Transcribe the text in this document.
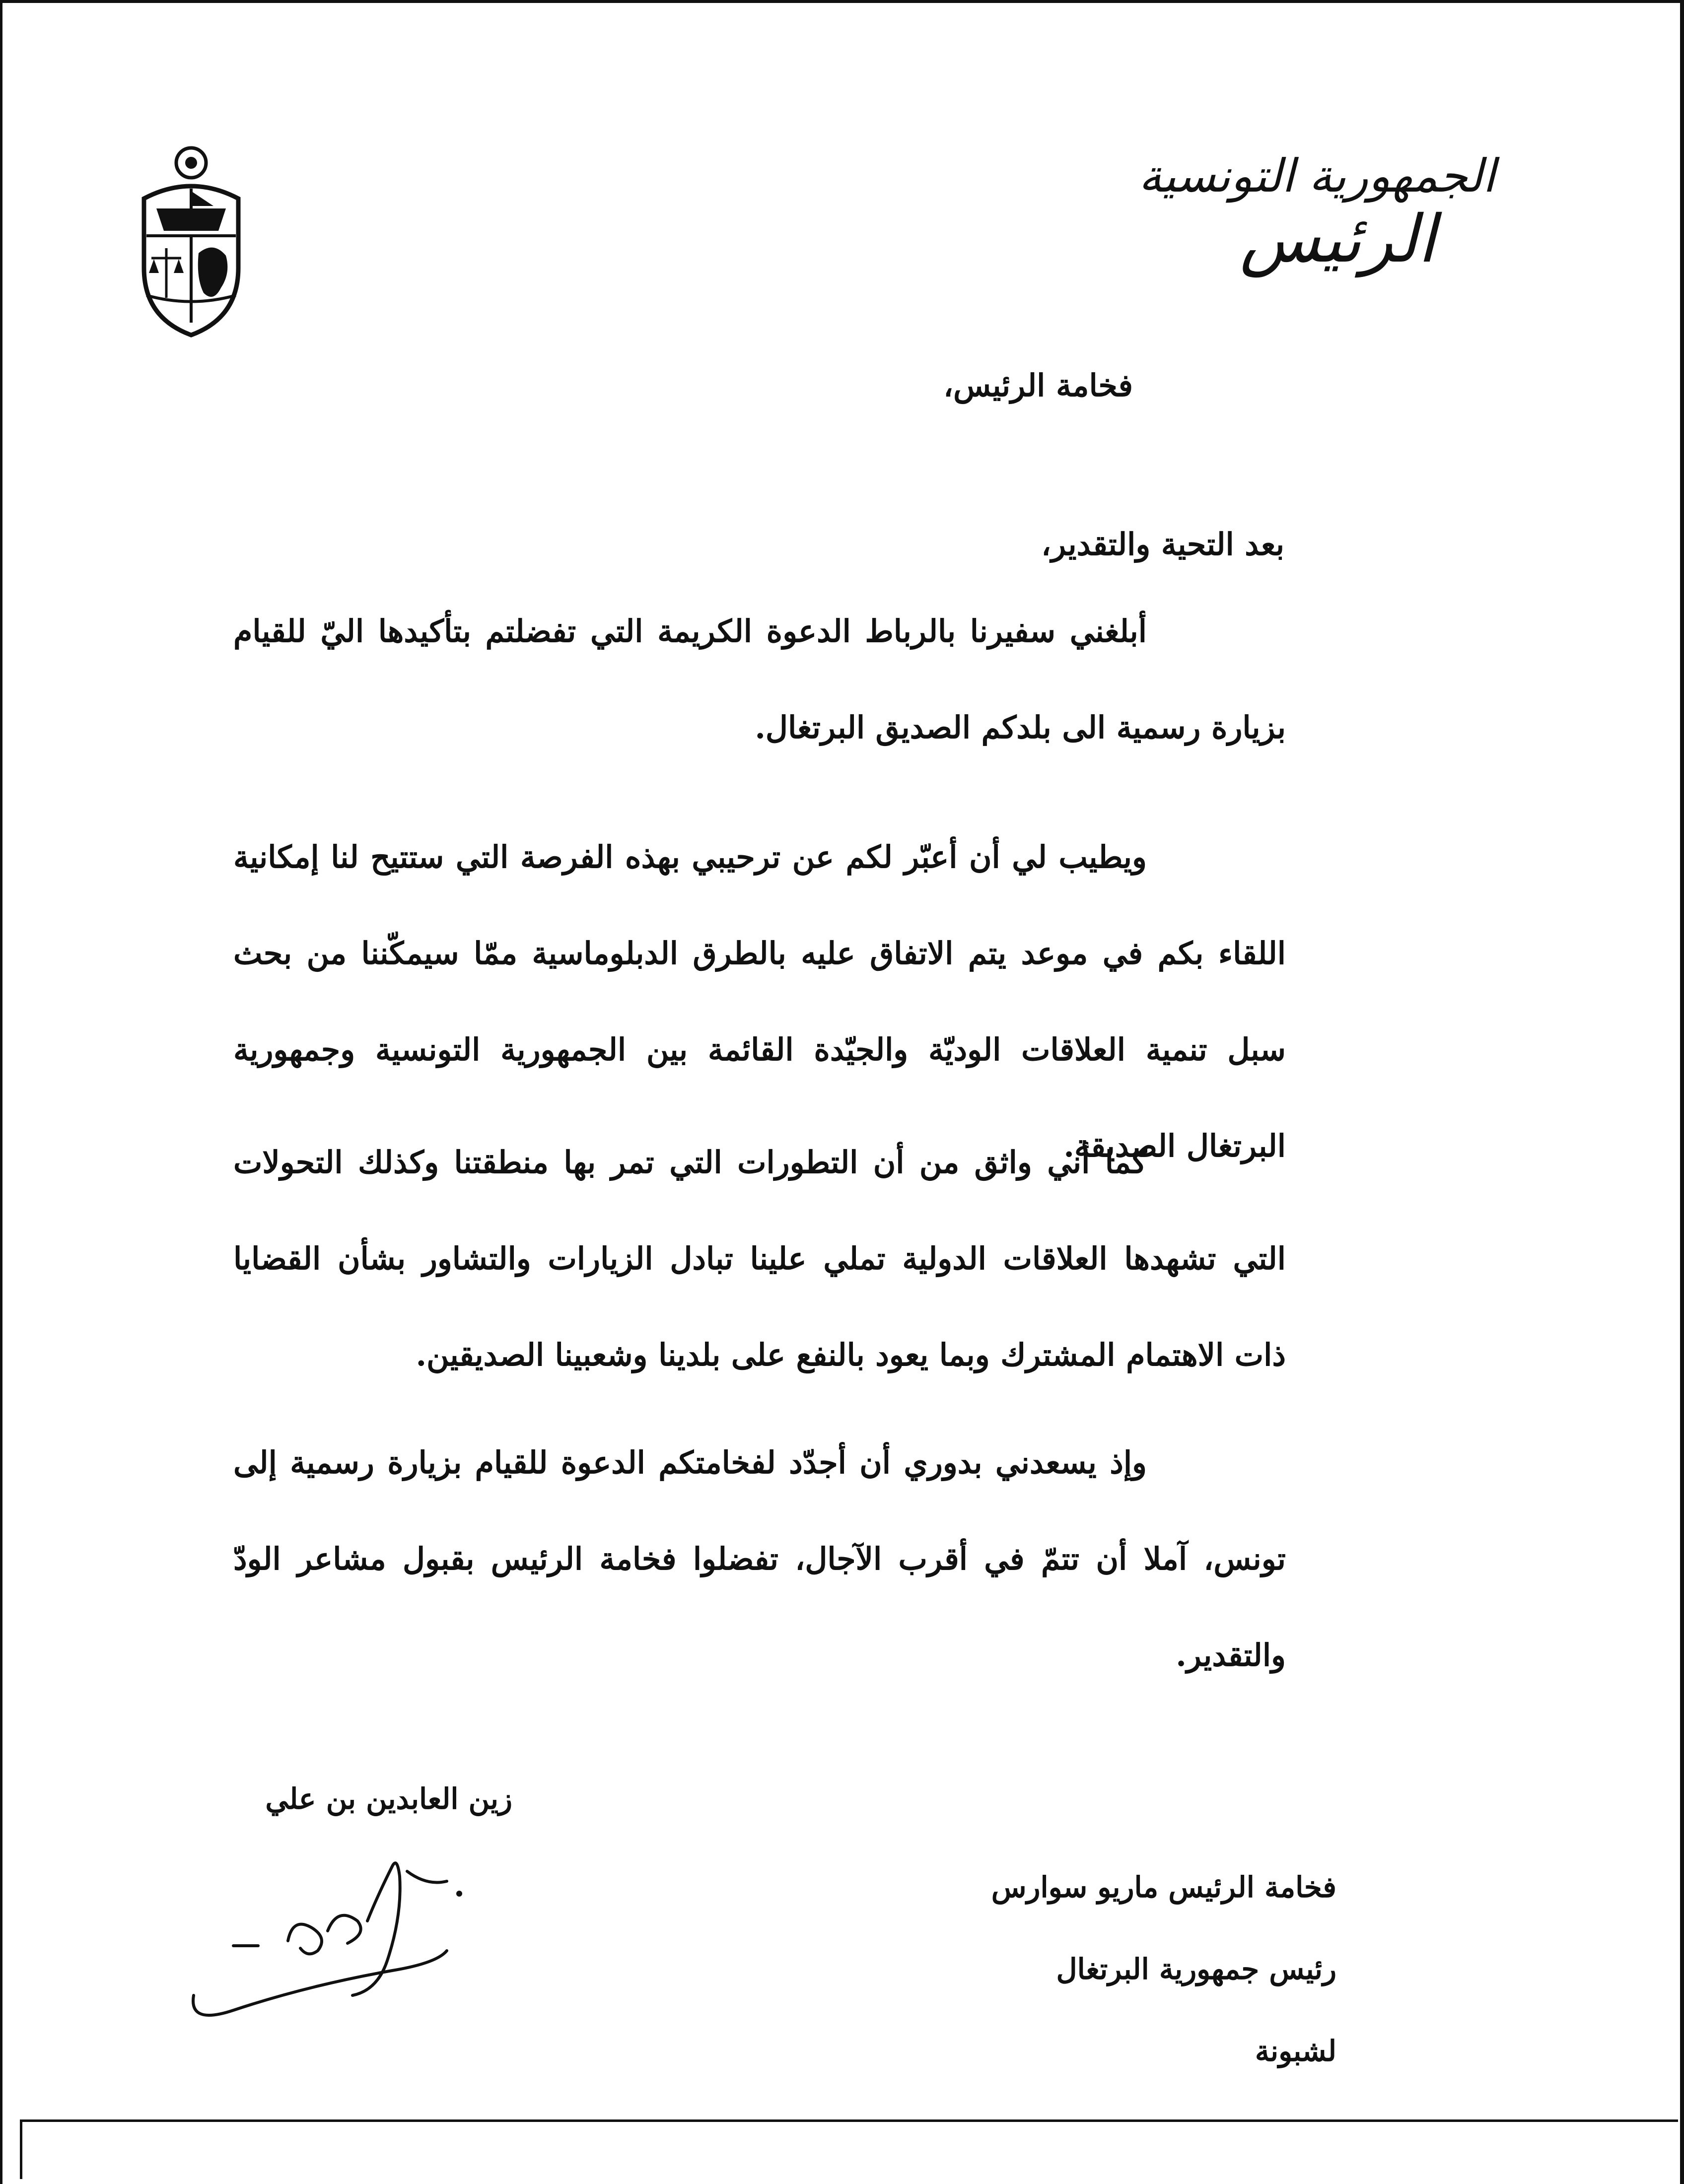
الجمهورية التونسية
الرئيس
فخامة الرئيس،
بعد التحية والتقدير،
أبلغني سفيرنا بالرباط الدعوة الكريمة التي تفضلتم بتأكيدها اليّ للقيام بزيارة رسمية الى بلدكم الصديق البرتغال.
ويطيب لي أن أعبّر لكم عن ترحيبي بهذه الفرصة التي ستتيح لنا إمكانية اللقاء بكم في موعد يتم الاتفاق عليه بالطرق الدبلوماسية ممّا سيمكّننا من بحث سبل تنمية العلاقات الوديّة والجيّدة القائمة بين الجمهورية التونسية وجمهورية البرتغال الصديقة.
كما أني واثق من أن التطورات التي تمر بها منطقتنا وكذلك التحولات التي تشهدها العلاقات الدولية تملي علينا تبادل الزيارات والتشاور بشأن القضايا ذات الاهتمام المشترك وبما يعود بالنفع على بلدينا وشعبينا الصديقين.
وإذ يسعدني بدوري أن أجدّد لفخامتكم الدعوة للقيام بزيارة رسمية إلى تونس، آملا أن تتمّ في أقرب الآجال، تفضلوا فخامة الرئيس بقبول مشاعر الودّ والتقدير.
زين العابدين بن علي
فخامة الرئيس ماريو سوارس
رئيس جمهورية البرتغال
لشبونة
